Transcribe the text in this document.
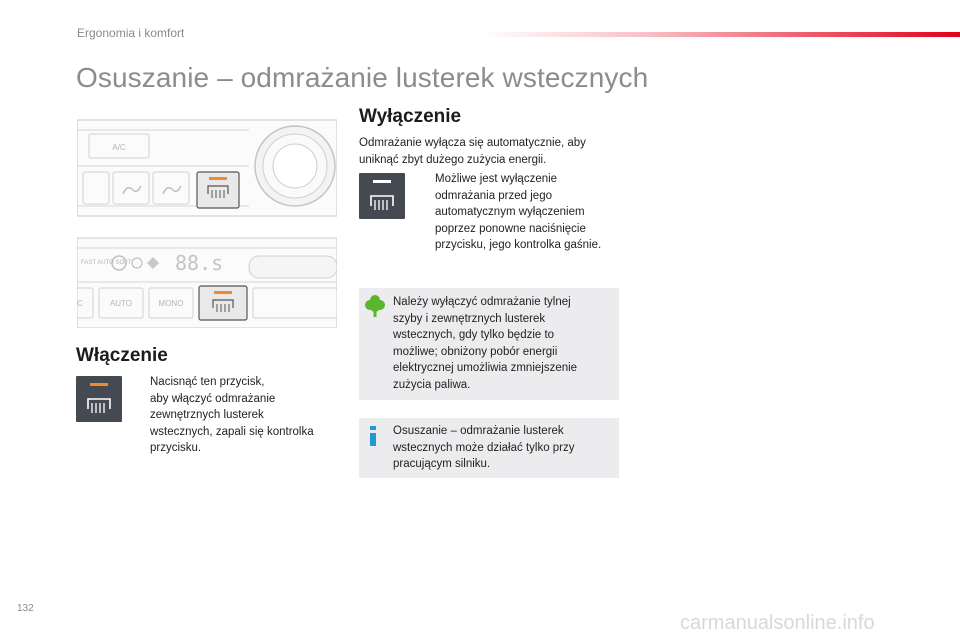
Ergonomia i komfort
Osuszanie – odmrażanie lusterek wstecznych
A/C
FAST AUTO SOFT 88.s
C	AUTO	MONO
Włączenie
Nacisnąć ten przycisk,
aby włączyć odmrażanie
zewnętrznych lusterek
wstecznych, zapali się kontrolka
przycisku.
Wyłączenie
Odmrażanie wyłącza się automatycznie, aby
uniknąć zbyt dużego zużycia energii.
Możliwe jest wyłączenie
odmrażania przed jego
automatycznym wyłączeniem
poprzez ponowne naciśnięcie
przycisku, jego kontrolka gaśnie.
Należy wyłączyć odmrażanie tylnej
szyby i zewnętrznych lusterek
wstecznych, gdy tylko będzie to
możliwe; obniżony pobór energii
elektrycznej umożliwia zmniejszenie
zużycia paliwa.
Osuszanie – odmrażanie lusterek
wstecznych może działać tylko przy
pracującym silniku.
132
carmanualsonline.info
